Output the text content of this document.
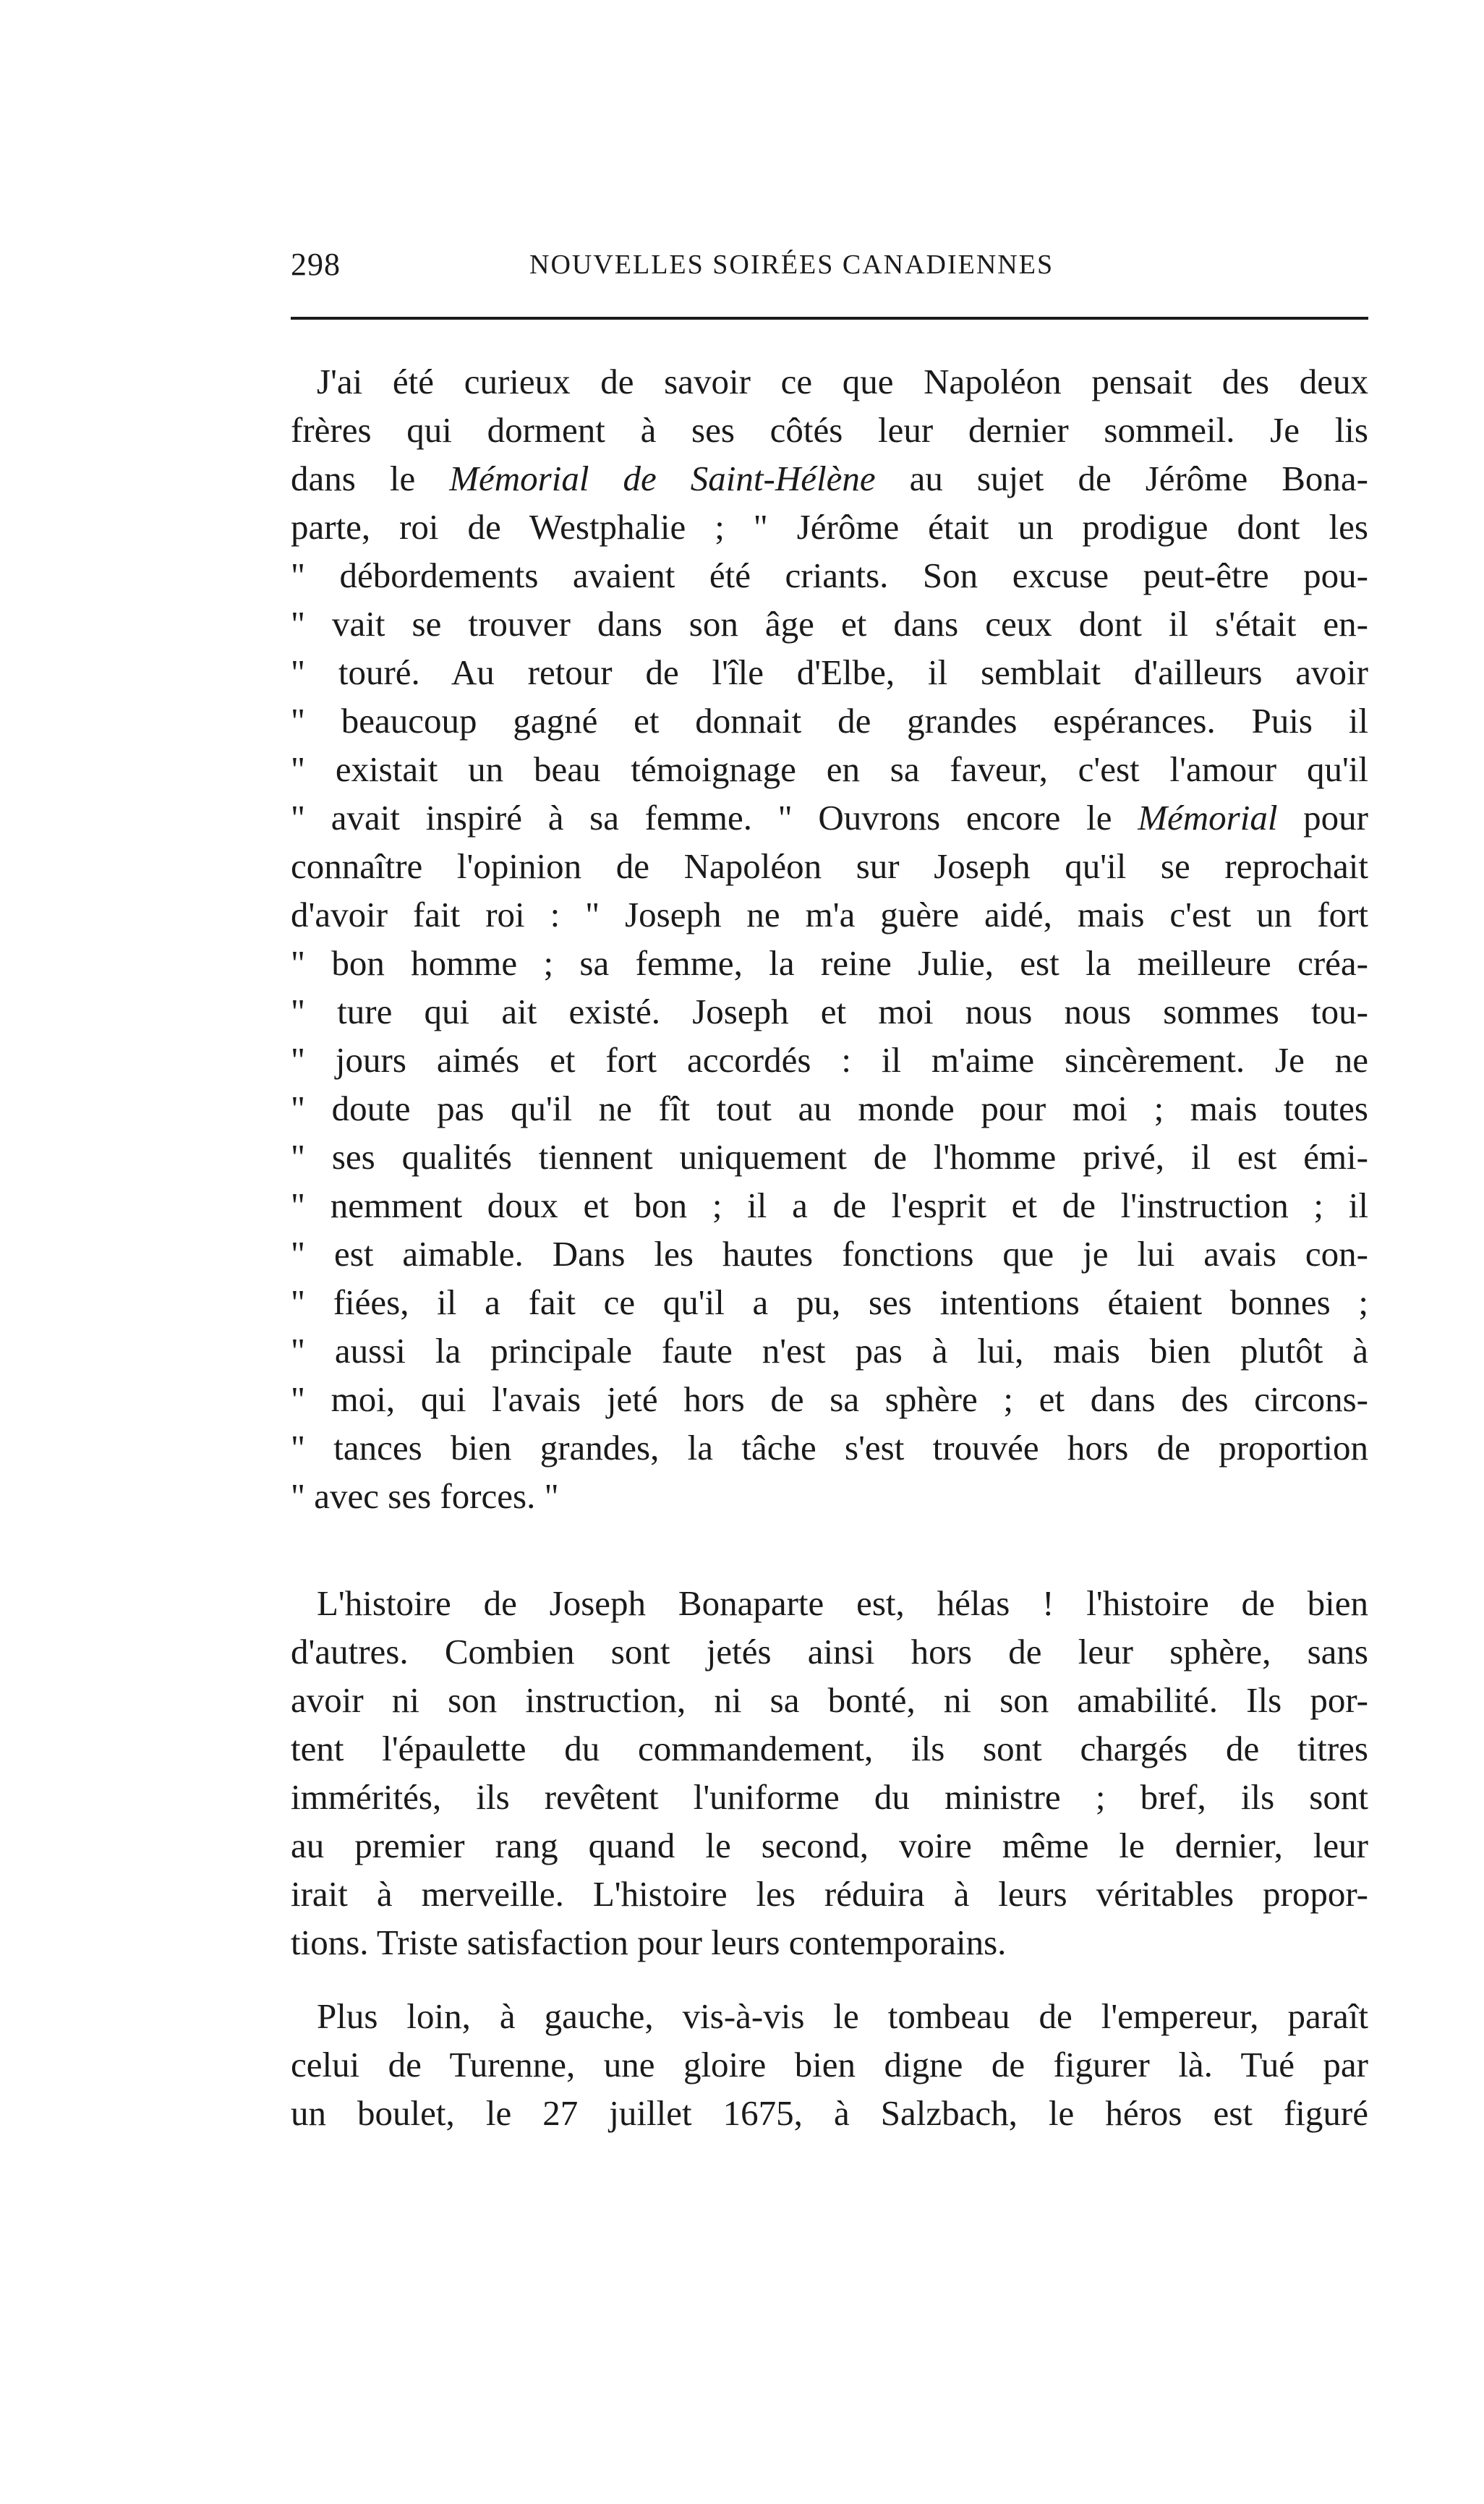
298	NOUVELLES SOIRÉES CANADIENNES
J'ai été curieux de savoir ce que Napoléon pensait des deux
frères qui dorment à ses côtés leur dernier sommeil. Je lis
dans le Mémorial de Saint-Hélène au sujet de Jérôme Bona-
parte, roi de Westphalie ; " Jérôme était un prodigue dont les
" débordements avaient été criants. Son excuse peut-être pou-
" vait se trouver dans son âge et dans ceux dont il s'était en-
" touré. Au retour de l'île d'Elbe, il semblait d'ailleurs avoir
" beaucoup gagné et donnait de grandes espérances. Puis il
" existait un beau témoignage en sa faveur, c'est l'amour qu'il
" avait inspiré à sa femme. " Ouvrons encore le Mémorial pour
connaître l'opinion de Napoléon sur Joseph qu'il se reprochait
d'avoir fait roi : " Joseph ne m'a guère aidé, mais c'est un fort
" bon homme ; sa femme, la reine Julie, est la meilleure créa-
" ture qui ait existé. Joseph et moi nous nous sommes tou-
" jours aimés et fort accordés : il m'aime sincèrement. Je ne
" doute pas qu'il ne fît tout au monde pour moi ; mais toutes
" ses qualités tiennent uniquement de l'homme privé, il est émi-
" nemment doux et bon ; il a de l'esprit et de l'instruction ; il
" est aimable. Dans les hautes fonctions que je lui avais con-
" fiées, il a fait ce qu'il a pu, ses intentions étaient bonnes ;
" aussi la principale faute n'est pas à lui, mais bien plutôt à
" moi, qui l'avais jeté hors de sa sphère ; et dans des circons-
" tances bien grandes, la tâche s'est trouvée hors de proportion
" avec ses forces. "
L'histoire de Joseph Bonaparte est, hélas ! l'histoire de bien
d'autres. Combien sont jetés ainsi hors de leur sphère, sans
avoir ni son instruction, ni sa bonté, ni son amabilité. Ils por-
tent l'épaulette du commandement, ils sont chargés de titres
immérités, ils revêtent l'uniforme du ministre ; bref, ils sont
au premier rang quand le second, voire même le dernier, leur
irait à merveille. L'histoire les réduira à leurs véritables propor-
tions. Triste satisfaction pour leurs contemporains.
Plus loin, à gauche, vis-à-vis le tombeau de l'empereur, paraît
celui de Turenne, une gloire bien digne de figurer là. Tué par
un boulet, le 27 juillet 1675, à Salzbach, le héros est figuré
